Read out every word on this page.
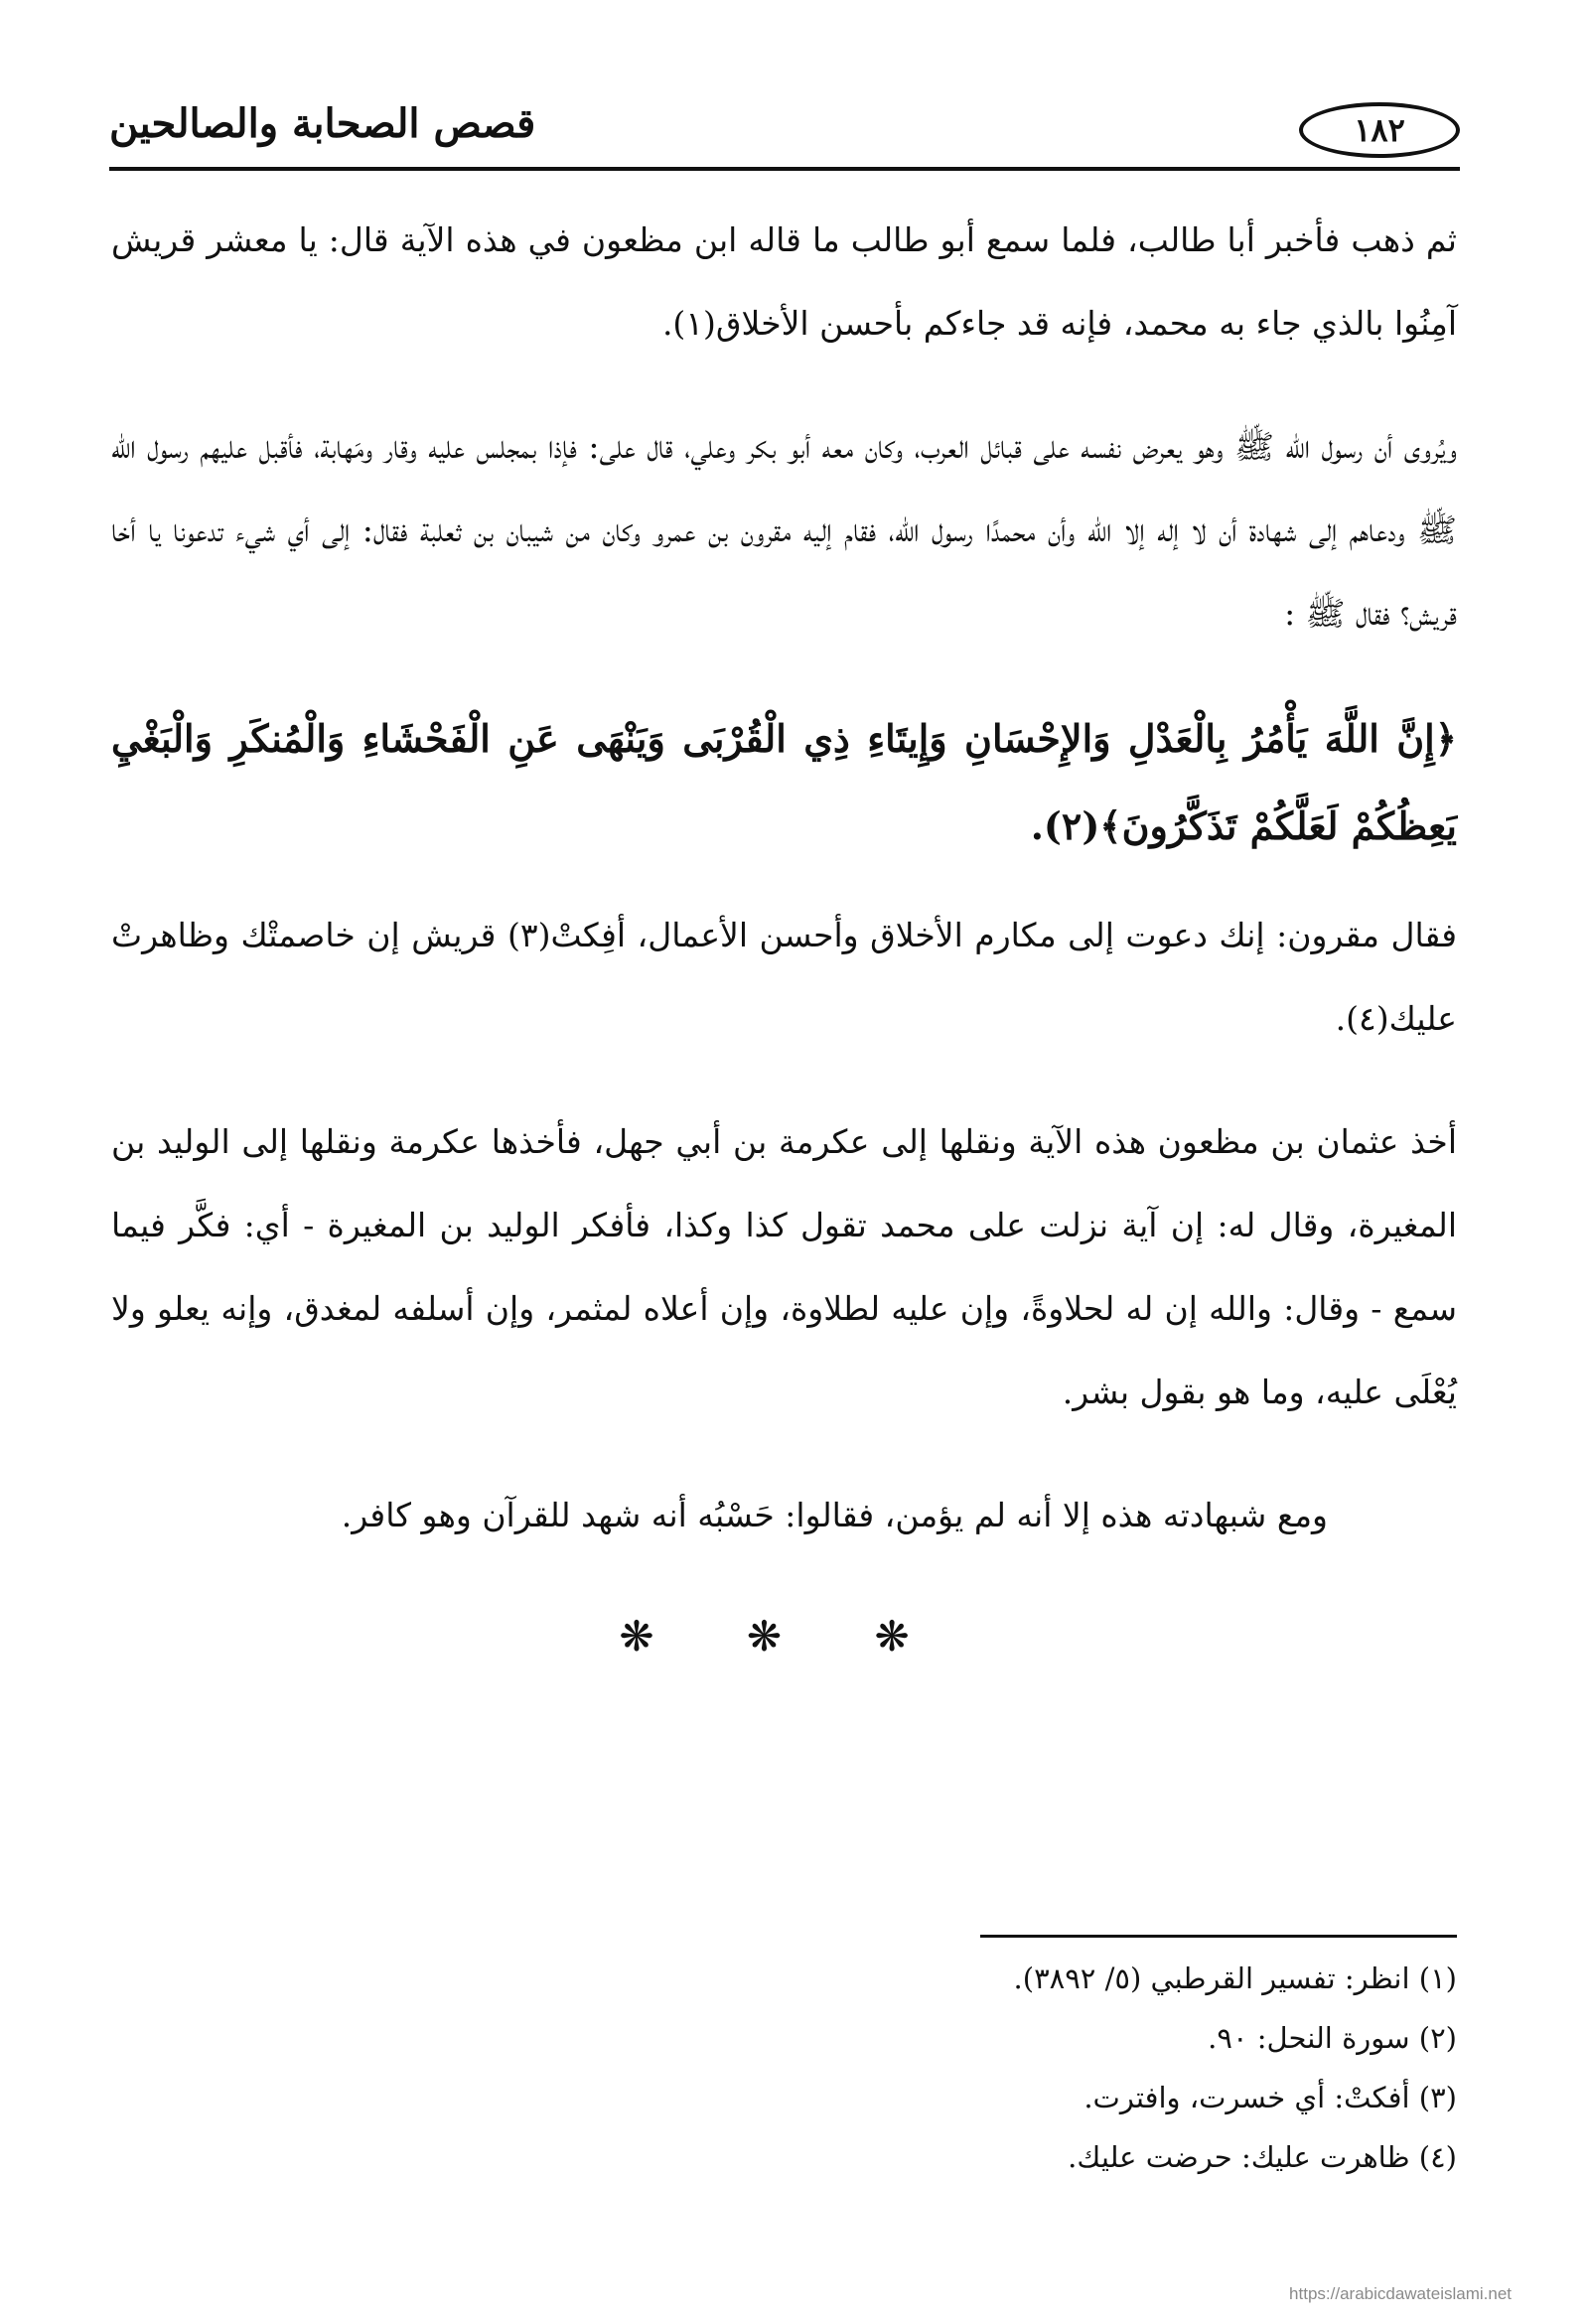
١٨٢
قصص الصحابة والصالحين

ثم ذهب فأخبر أبا طالب، فلما سمع أبو طالب ما قاله ابن مظعون في هذه الآية قال: يا معشر قريش آمِنُوا بالذي جاء به محمد، فإنه قد جاءكم بأحسن الأخلاق(١).

ويُروى أن رسول الله ﷺ وهو يعرض نفسه على قبائل العرب، وكان معه أبو بكر وعلي، قال على: فإذا بمجلس عليه وقار ومَهابة، فأقبل عليهم رسول الله ﷺ ودعاهم إلى شهادة أن لا إله إلا الله وأن محمدًا رسول الله، فقام إليه مقرون بن عمرو وكان من شيبان بن ثعلبة فقال: إلى أي شيء تدعونا يا أخا قريش؟ فقال ﷺ :

﴿إِنَّ اللَّهَ يَأْمُرُ بِالْعَدْلِ وَالإِحْسَانِ وَإِيتَاءِ ذِي الْقُرْبَى وَيَنْهَى عَنِ الْفَحْشَاءِ وَالْمُنكَرِ وَالْبَغْيِ يَعِظُكُمْ لَعَلَّكُمْ تَذَكَّرُونَ﴾(٢).

فقال مقرون: إنك دعوت إلى مكارم الأخلاق وأحسن الأعمال، أفِكتْ(٣) قريش إن خاصمتْك وظاهرتْ عليك(٤).

أخذ عثمان بن مظعون هذه الآية ونقلها إلى عكرمة بن أبي جهل، فأخذها عكرمة ونقلها إلى الوليد بن المغيرة، وقال له: إن آية نزلت على محمد تقول كذا وكذا، فأفكر الوليد بن المغيرة - أي: فكَّر فيما سمع - وقال: والله إن له لحلاوةً، وإن عليه لطلاوة، وإن أعلاه لمثمر، وإن أسلفه لمغدق، وإنه يعلو ولا يُعْلَى عليه، وما هو بقول بشر.

ومع شبهادته هذه إلا أنه لم يؤمن، فقالوا: حَسْبُه أنه شهد للقرآن وهو كافر.

❋ ❋ ❋

(١) انظر: تفسير القرطبي (٥/ ٣٨٩٢).

(٢) سورة النحل: ٩٠.

(٣) أفكتْ: أي خسرت، وافترت.

(٤) ظاهرت عليك: حرضت عليك.

https://arabicdawateislami.net
